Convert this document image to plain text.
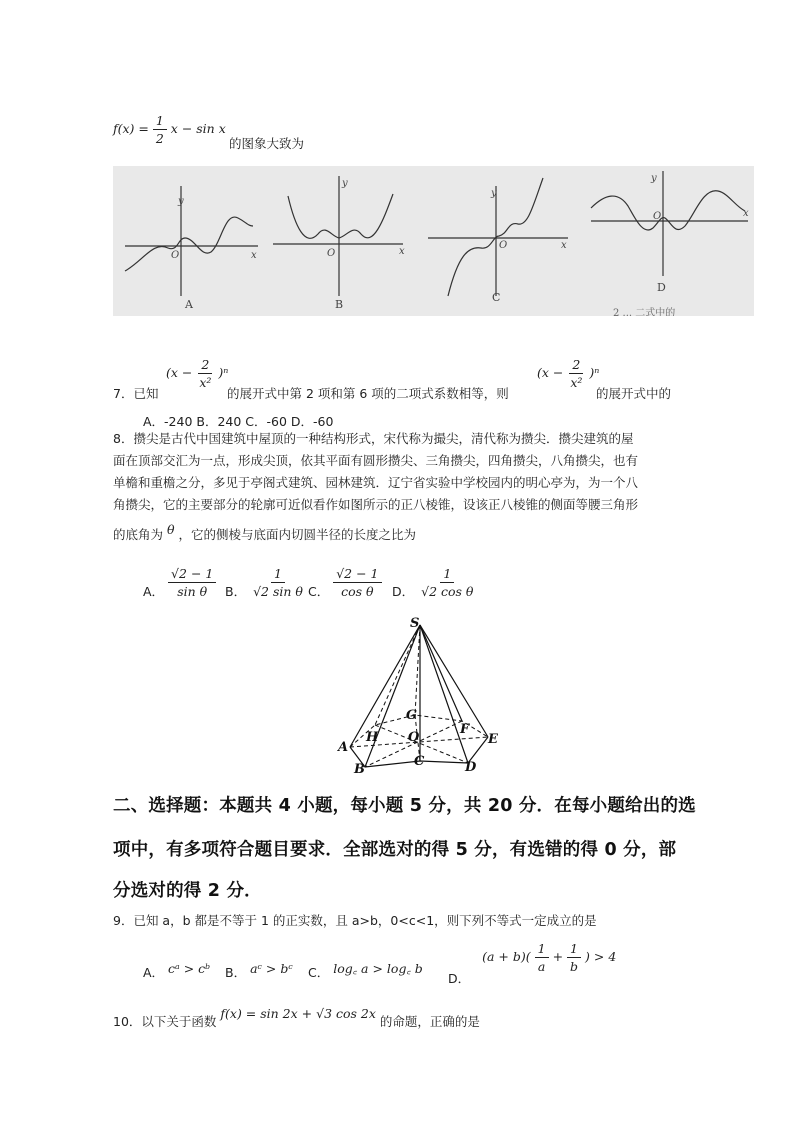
$f(x) = \frac{1}{2}$ x − sin x
的图象大致为
y
x
O
A
y
x
O
B
y
x
O
C
y
x
O
D
2 ... 二式中的
7．已知
$(x - \frac{2}{\text{x²}} )^n$
的展开式中第 2 项和第 6 项的二项式系数相等，则
$(x - \frac{2}{\text{x²}} )^n$
的展开式中的
A．-240 B．240 C．-60 D．-60
8．攒尖是古代中国建筑中屋顶的一种结构形式，宋代称为撮尖，清代称为攒尖．攒尖建筑的屋
面在顶部交汇为一点，形成尖顶，依其平面有圆形攒尖、三角攒尖，四角攒尖，八角攒尖，也有
单檐和重檐之分，多见于亭阁式建筑、园林建筑．辽宁省实验中学校园内的明心亭为，为一个八
角攒尖，它的主要部分的轮廓可近似看作如图所示的正八棱锥，设该正八棱锥的侧面等腰三角形
的底角为 θ ，它的侧棱与底面内切圆半径的长度之比为
A． $\frac{√2 - 1}{\text{sin θ}}$ B． $\frac{1}{\text{√2 sin θ}}$ C． $\frac{√2 - 1}{\text{cos θ}}$ D． $\frac{1}{\text{√2 cos θ}}$
S
A
B
C	D
E
F
G
H O
二、选择题：本题共 4 小题，每小题 5 分，共 20 分．在每小题给出的选
项中，有多项符合题目要求．全部选对的得 5 分，有选错的得 0 分，部
分选对的得 2 分．
9．已知 a，b 都是不等于 1 的正实数，且 a>b，0<c<1，则下列不等式一定成立的是
A． cᵃ > cᵇ B． aᶜ > bᶜ C． log꜀ a > log꜀ b
D． $(a + b)( \frac{1}{a} + \frac{1}{b}$ ) > 4
10．以下关于函数 f(x) = sin 2x + √3 cos 2x 的命题，正确的是
